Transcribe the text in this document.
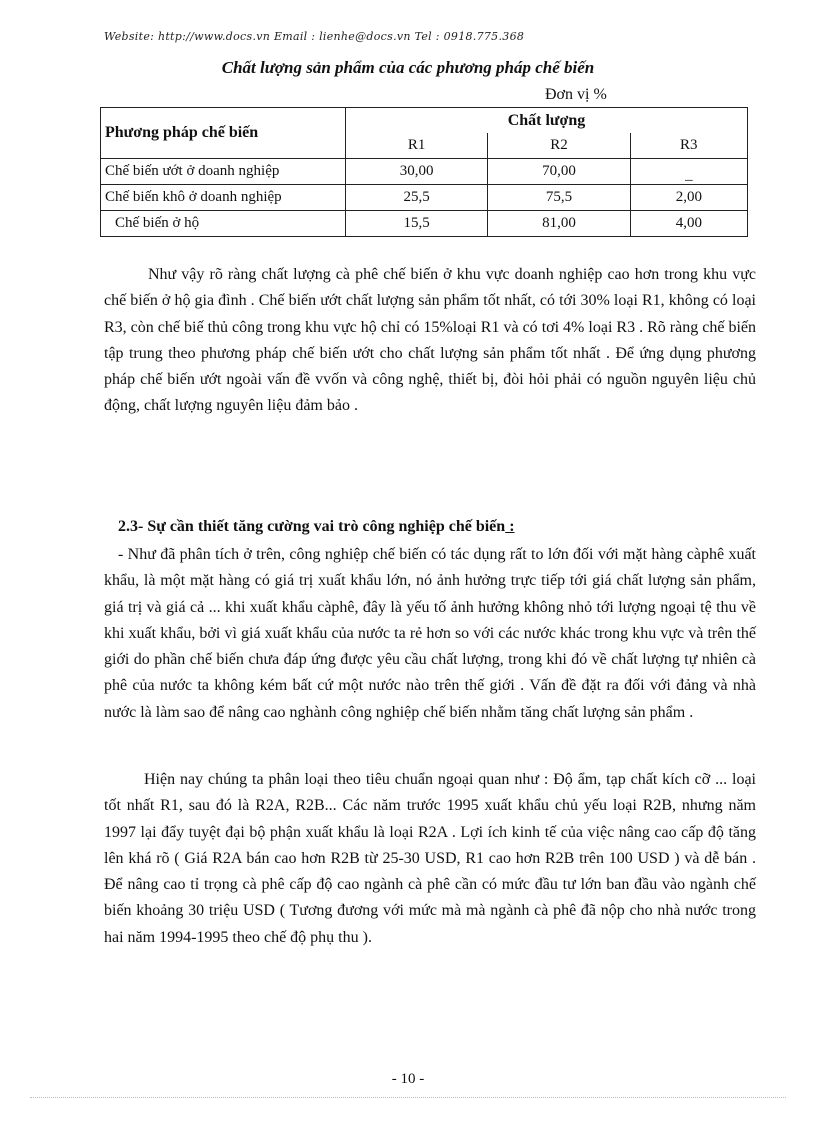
Website: http://www.docs.vn Email : lienhe@docs.vn Tel : 0918.775.368
Chất lượng sản phẩm của các phương pháp chế biến
Đơn vị %
Phương pháp chế biến	Chất lượng		
	R1	R2	R3
Chế biến ướt ở doanh nghiệp	30,00	70,00	_
Chế biến khô ở doanh nghiệp	25,5	75,5	2,00
Chế biến ở hộ	15,5	81,00	4,00

Như vậy rõ ràng chất lượng cà phê chế biến ở khu vực doanh nghiệp cao hơn trong khu vực chế biến ở hộ gia đình . Chế biến ướt chất lượng sản phẩm tốt nhất, có tới 30% loại R1, không có loại R3, còn chế biế thủ công trong khu vực hộ chỉ có 15%loại R1 và có tơi 4% loại R3 . Rõ ràng chế biến tập trung theo phương pháp chế biến ướt cho chất lượng sản phẩm tốt nhất . Để ứng dụng phương pháp chế biến ướt ngoài vấn đề vvốn và công nghệ, thiết bị, đòi hỏi phải có nguồn nguyên liệu chủ động, chất lượng nguyên liệu đảm bảo .

2.3- Sự cần thiết tăng cường vai trò công nghiệp chế biến :

- Như đã phân tích ở trên, công nghiệp chế biến có tác dụng rất to lớn đối với mặt hàng càphê xuất khẩu, là một mặt hàng có giá trị xuất khẩu lớn, nó ảnh hưởng trực tiếp tới giá chất lượng sản phẩm, giá trị và giá cả ... khi xuất khẩu càphê, đây là yếu tố ảnh hưởng không nhỏ tới lượng ngoại tệ thu về khi xuất khẩu, bởi vì giá xuất khẩu của nước ta rẻ hơn so với các nước khác trong khu vực và trên thế giới do phần chế biến chưa đáp ứng được yêu cầu chất lượng, trong khi đó về chất lượng tự nhiên cà phê của nước ta không kém bất cứ một nước nào trên thế giới . Vấn đề đặt ra đối với đảng và nhà nước là làm sao để nâng cao nghành công nghiệp chế biến nhằm tăng chất lượng sản phẩm .

Hiện nay chúng ta phân loại theo tiêu chuẩn ngoại quan như : Độ ẩm, tạp chất kích cỡ ... loại tốt nhất R1, sau đó là R2A, R2B... Các năm trước 1995 xuất khẩu chủ yếu loại R2B, nhưng năm 1997 lại đẩy tuyệt đại bộ phận xuất khẩu là loại R2A . Lợi ích kinh tế của việc nâng cao cấp độ tăng lên khá rõ ( Giá R2A bán cao hơn R2B từ 25-30 USD, R1 cao hơn R2B trên 100 USD ) và dễ bán . Để nâng cao tỉ trọng cà phê cấp độ cao ngành cà phê cần có mức đầu tư lớn ban đầu vào ngành chế biến khoảng 30 triệu USD ( Tương đương với mức mà mà ngành cà phê đã nộp cho nhà nước trong hai năm 1994-1995 theo chế độ phụ thu ).

- 10 -
